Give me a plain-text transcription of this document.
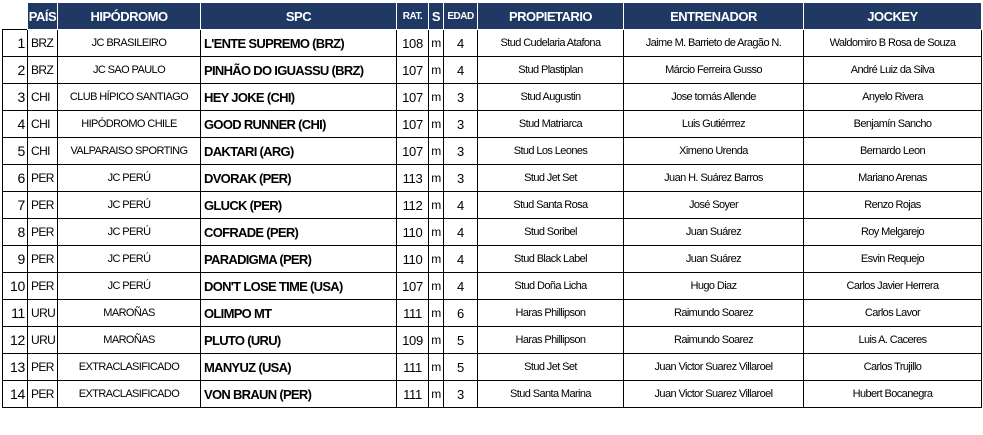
	PAÍS	HIPÓDROMO	SPC	RAT.	S	EDAD	PROPIETARIO	ENTRENADOR	JOCKEY
1	BRZ	JC BRASILEIRO	L'ENTE SUPREMO (BRZ)	108	m	4	Stud Cudelaria Atafona	Jaime M. Barrieto de Aragão N.	Waldomiro B Rosa de Souza
2	BRZ	JC SAO PAULO	PINHÃO DO IGUASSU (BRZ)	107	m	4	Stud Plastiplan	Márcio Ferreira Gusso	André Luiz da Silva
3	CHI	CLUB HÍPICO SANTIAGO	HEY JOKE (CHI)	107	m	3	Stud Augustin	Jose tomás Allende	Anyelo Rivera
4	CHI	HIPÓDROMO CHILE	GOOD RUNNER (CHI)	107	m	3	Stud Matriarca	Luis Gutiérrrez	Benjamín Sancho
5	CHI	VALPARAISO SPORTING	DAKTARI (ARG)	107	m	3	Stud Los Leones	Ximeno Urenda	Bernardo Leon
6	PER	JC PERÚ	DVORAK (PER)	113	m	3	Stud Jet Set	Juan H. Suárez Barros	Mariano Arenas
7	PER	JC PERÚ	GLUCK (PER)	112	m	4	Stud Santa Rosa	José Soyer	Renzo Rojas
8	PER	JC PERÚ	COFRADE (PER)	110	m	4	Stud Soribel	Juan Suárez	Roy Melgarejo
9	PER	JC PERÚ	PARADIGMA (PER)	110	m	4	Stud Black Label	Juan Suárez	Esvin Requejo
10	PER	JC PERÚ	DON'T LOSE TIME (USA)	107	m	4	Stud Doña Licha	Hugo Diaz	Carlos Javier Herrera
11	URU	MAROÑAS	OLIMPO MT	111	m	6	Haras Phillipson	Raimundo Soarez	Carlos Lavor
12	URU	MAROÑAS	PLUTO (URU)	109	m	5	Haras Phillipson	Raimundo Soarez	Luis A. Caceres
13	PER	EXTRACLASIFICADO	MANYUZ (USA)	111	m	5	Stud Jet Set	Juan Victor Suarez Villaroel	Carlos Trujillo
14	PER	EXTRACLASIFICADO	VON BRAUN (PER)	111	m	3	Stud Santa Marina	Juan Victor Suarez Villaroel	Hubert Bocanegra
